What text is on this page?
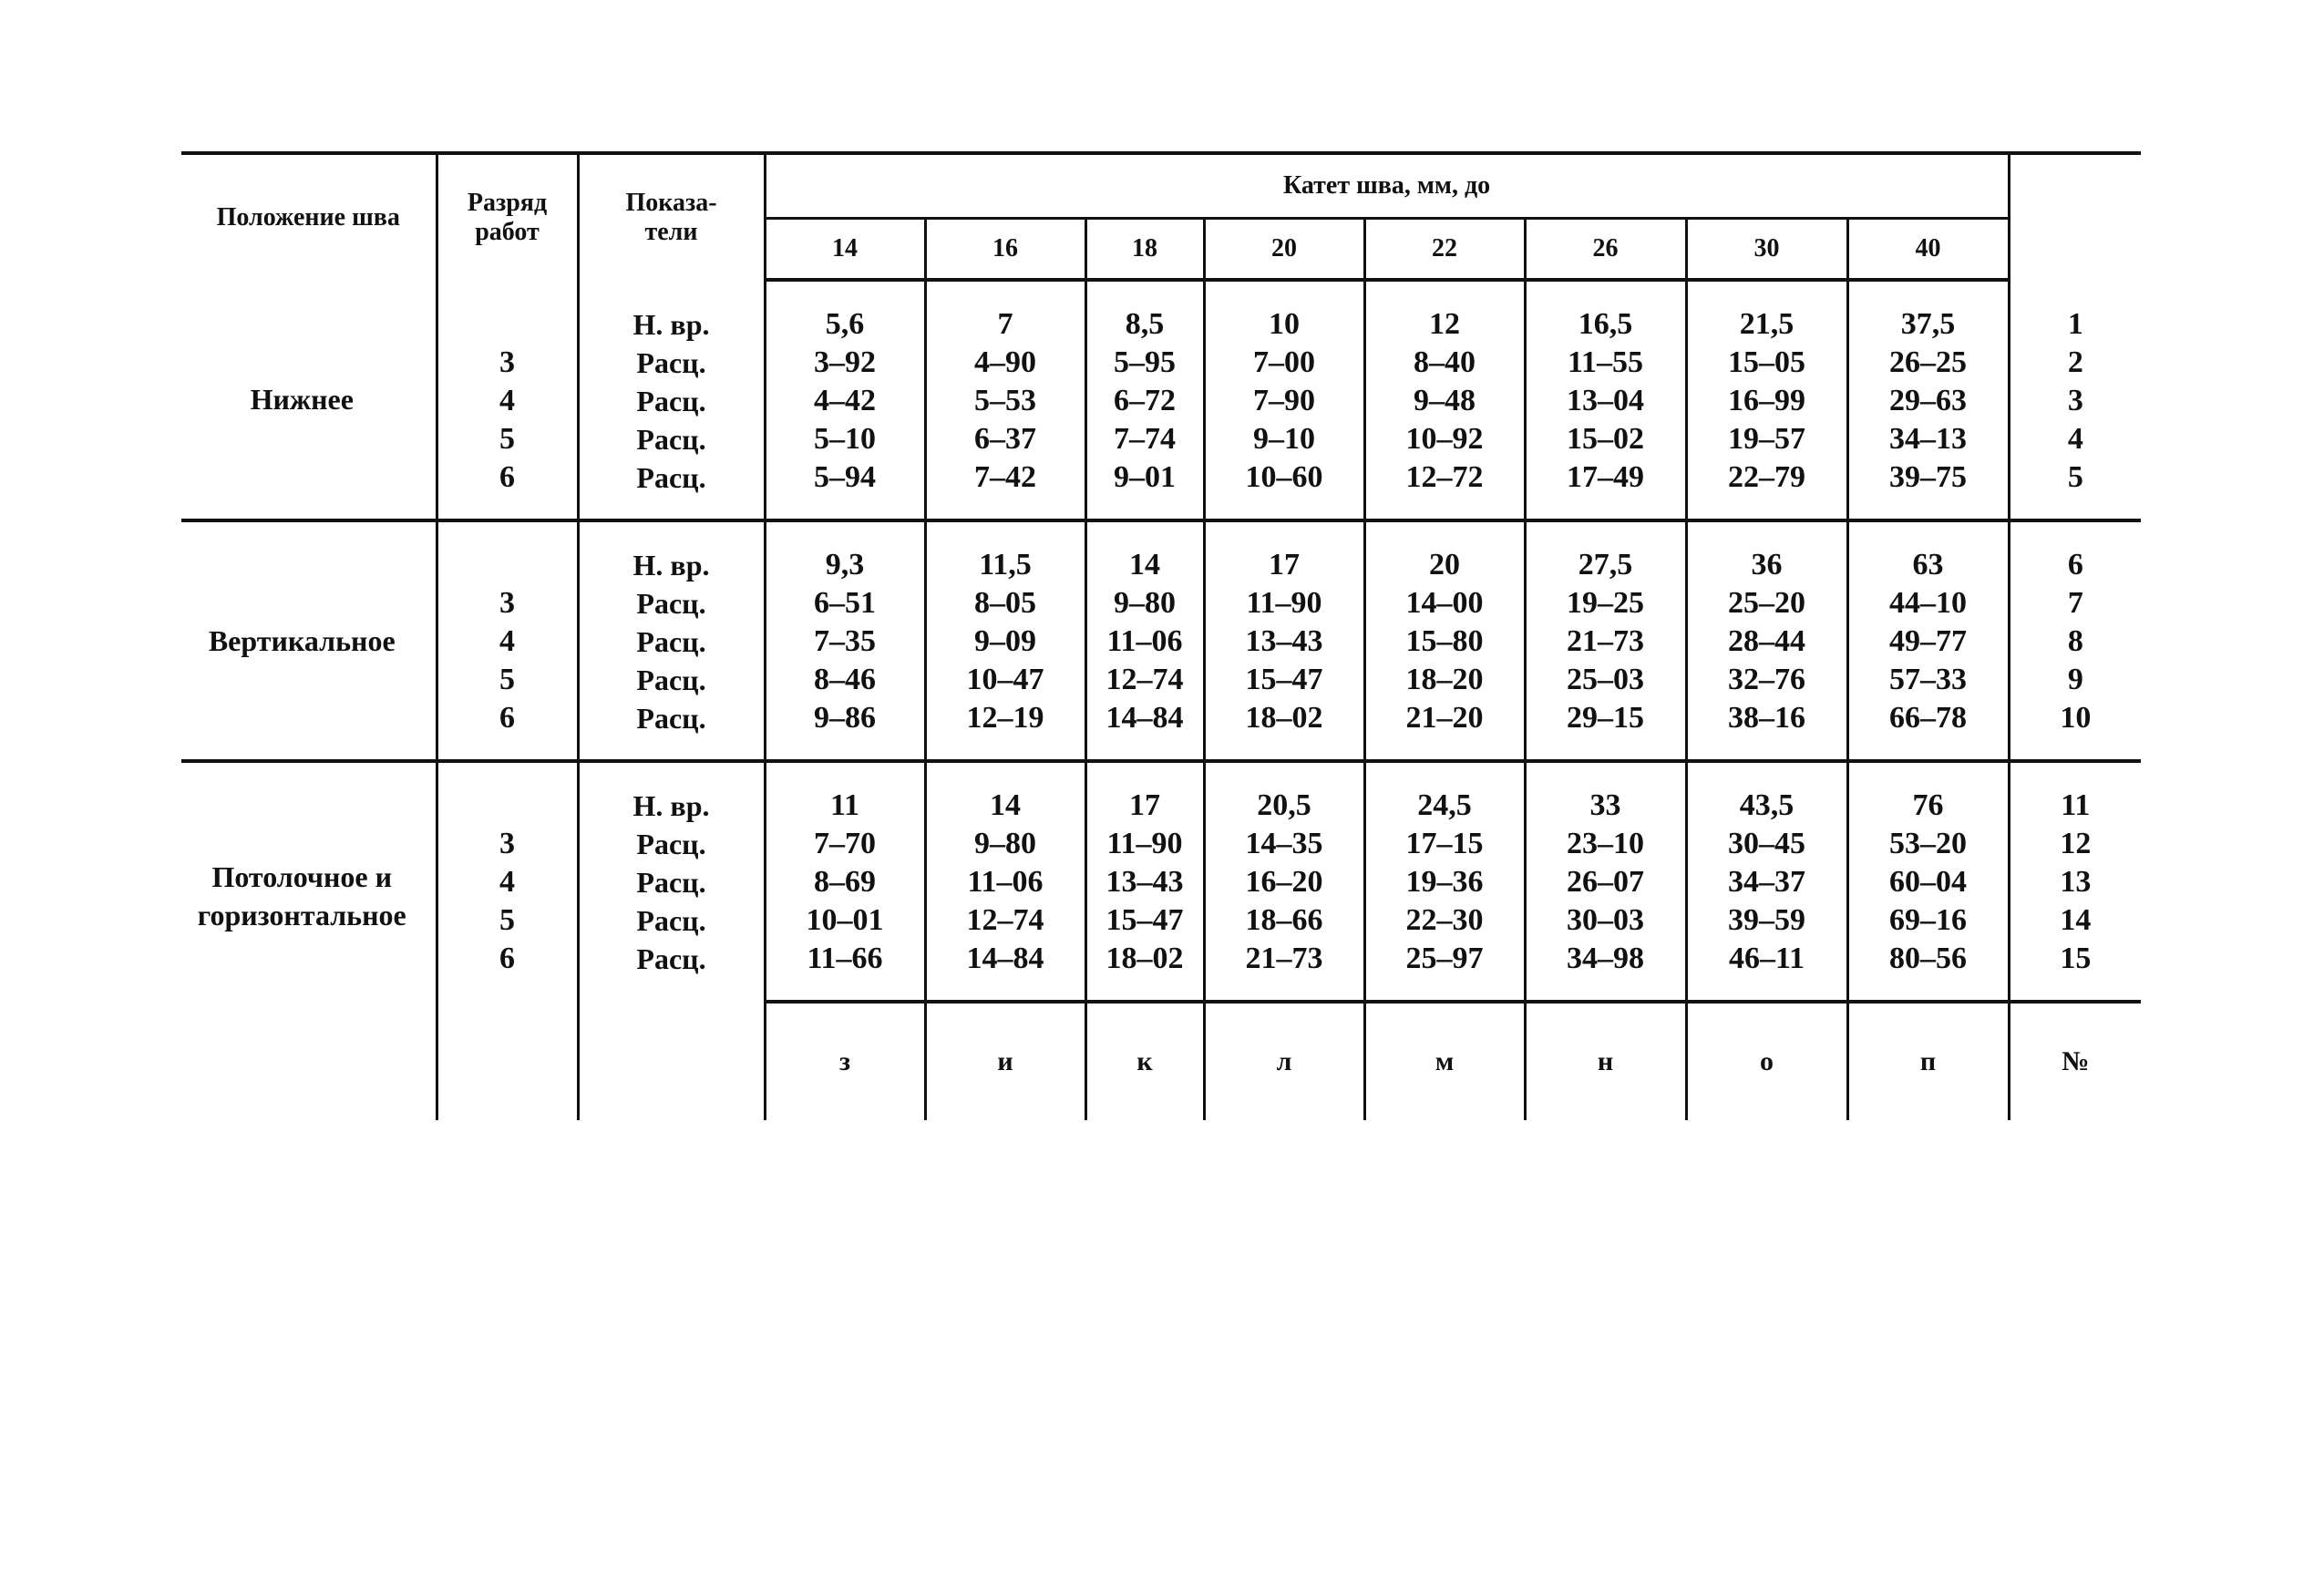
Положение шва	Разряд работ	Показа-тели	Катет шва, мм, до								
			14	16	18	20	22	26	30	40	
Нижнее											
		Н. вр.	5,6	7	8,5	10	12	16,5	21,5	37,5	1
	3	Расц.	3–92	4–90	5–95	7–00	8–40	11–55	15–05	26–25	2
	4	Расц.	4–42	5–53	6–72	7–90	9–48	13–04	16–99	29–63	3
	5	Расц.	5–10	6–37	7–74	9–10	10–92	15–02	19–57	34–13	4
	6	Расц.	5–94	7–42	9–01	10–60	12–72	17–49	22–79	39–75	5

Вертикальное											
		Н. вр.	9,3	11,5	14	17	20	27,5	36	63	6
	3	Расц.	6–51	8–05	9–80	11–90	14–00	19–25	25–20	44–10	7
	4	Расц.	7–35	9–09	11–06	13–43	15–80	21–73	28–44	49–77	8
	5	Расц.	8–46	10–47	12–74	15–47	18–20	25–03	32–76	57–33	9
	6	Расц.	9–86	12–19	14–84	18–02	21–20	29–15	38–16	66–78	10

Потолочное и горизонтальное											
		Н. вр.	11	14	17	20,5	24,5	33	43,5	76	11
	3	Расц.	7–70	9–80	11–90	14–35	17–15	23–10	30–45	53–20	12
	4	Расц.	8–69	11–06	13–43	16–20	19–36	26–07	34–37	60–04	13
	5	Расц.	10–01	12–74	15–47	18–66	22–30	30–03	39–59	69–16	14
	6	Расц.	11–66	14–84	18–02	21–73	25–97	34–98	46–11	80–56	15

			з	и	к	л	м	н	о	п	№
